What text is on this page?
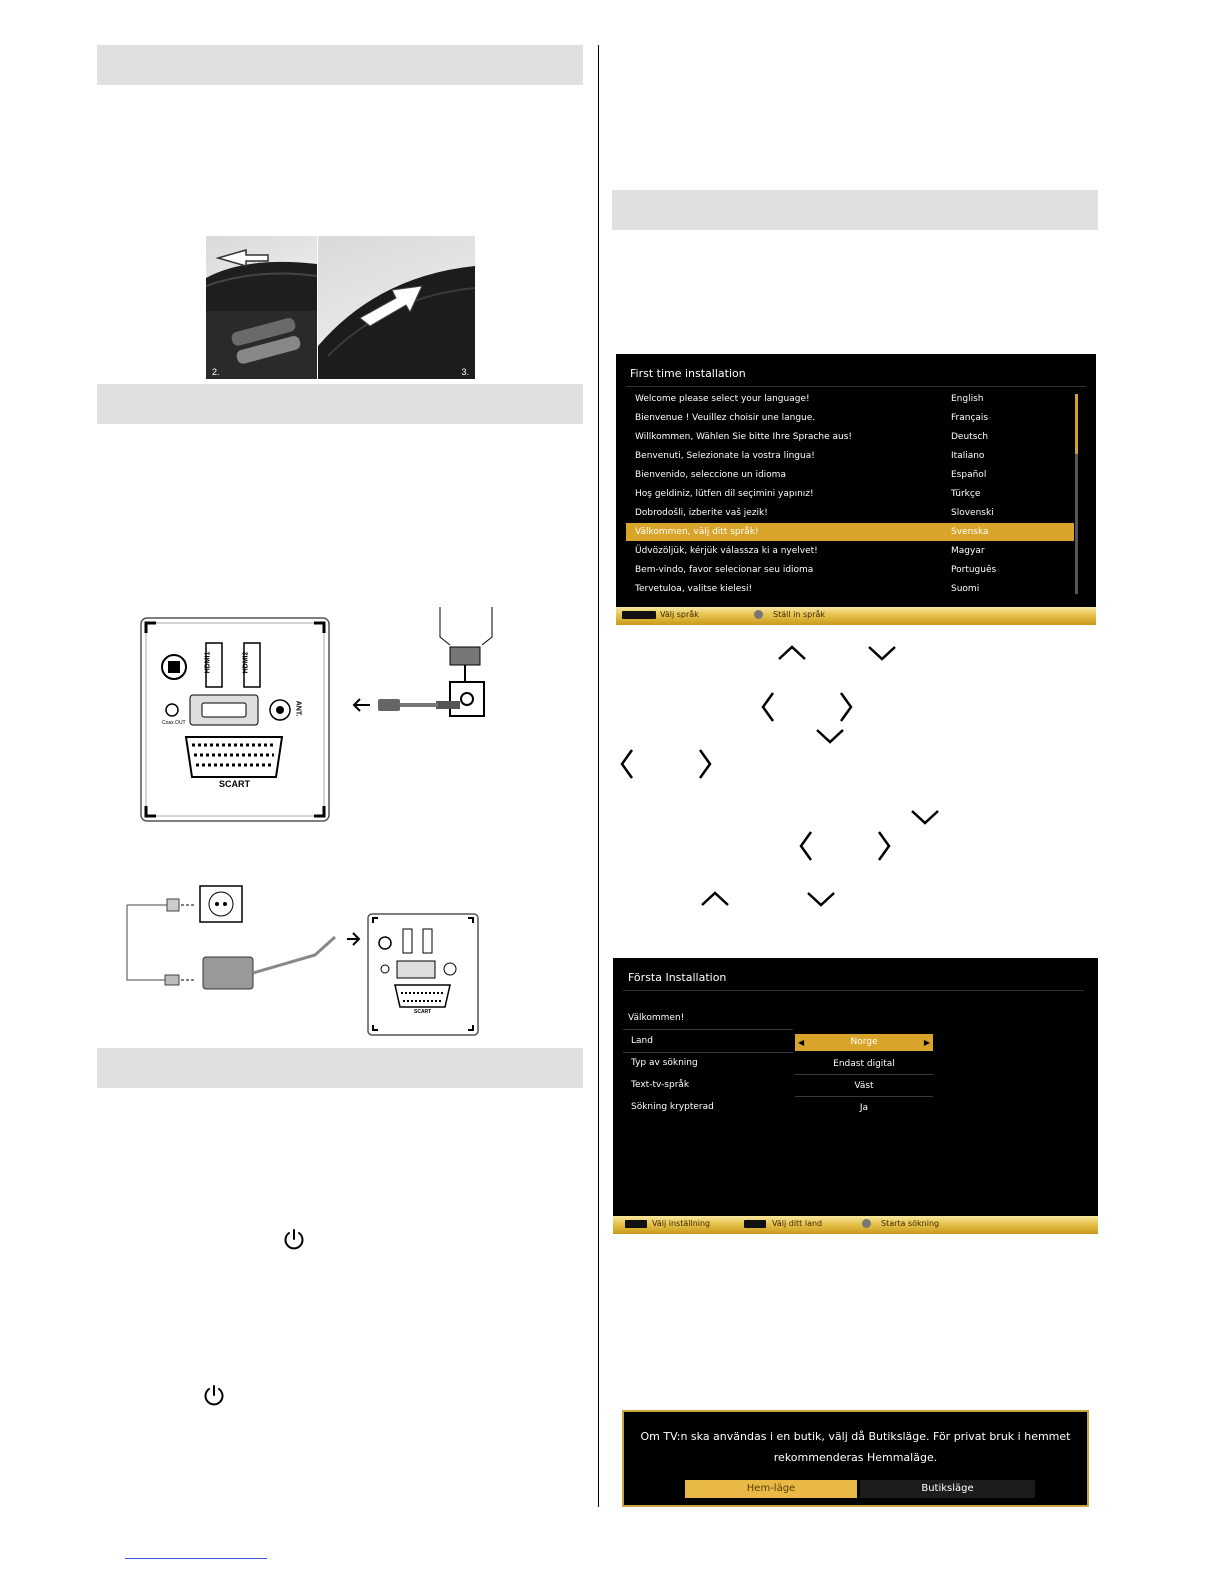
1.
2.	3.
HDMI1	HDMI2
Coax.OUT
ANT.
SCART
SCART
First time installation
Welcome please select your language!	English
Bienvenue ! Veuillez choisir une langue.	Français
Willkommen, Wählen Sie bitte Ihre Sprache aus!	Deutsch
Benvenuti, Selezionate la vostra lingua!	Italiano
Bienvenido, seleccione un idioma	Español
Hoş geldiniz, lütfen dil seçimini yapınız!	Türkçe
Dobrodošli, izberite vaš jezik!	Slovenski
Välkommen, välj ditt språk!	Svenska
Üdvözöljük, kérjük válassza ki a nyelvet!	Magyar
Bem-vindo, favor selecionar seu idioma	Português
Tervetuloa, valitse kielesi!	Suomi
Välj språk	Ställ in språk
Första Installation
Välkommen!
Land	◀	Norge	▶
Typ av sökning	Endast digital
Text-tv-språk	Väst
Sökning krypterad	Ja
Välj inställning	Välj ditt land	Starta sökning
Om TV:n ska användas i en butik, välj då Butiksläge. För privat bruk i hemmet
rekommenderas Hemmaläge.
Hem-läge	Butiksläge
